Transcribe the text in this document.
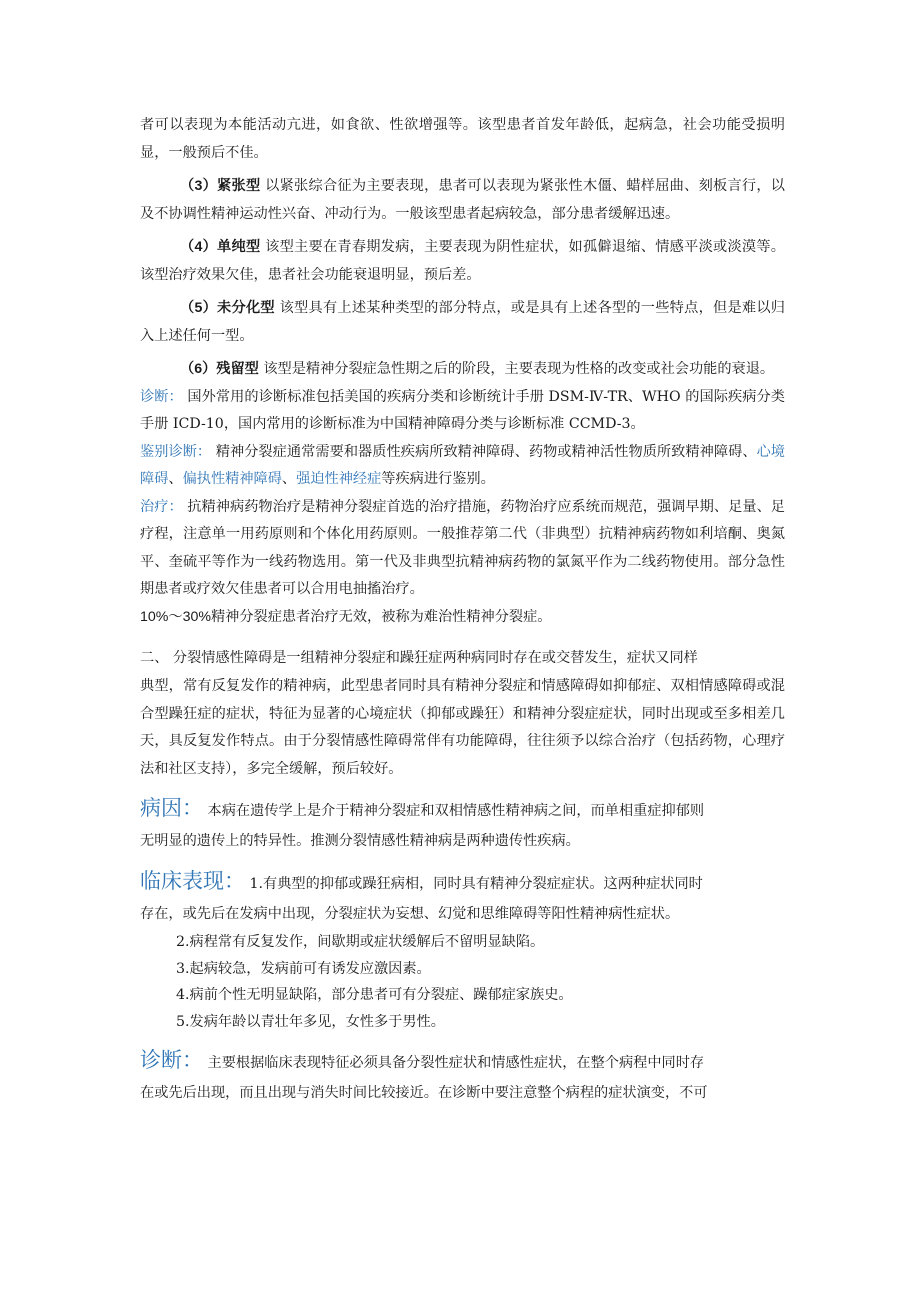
者可以表现为本能活动亢进，如食欲、性欲增强等。该型患者首发年龄低，起病急，社会功能受损明显，一般预后不佳。

（3）紧张型 以紧张综合征为主要表现，患者可以表现为紧张性木僵、蜡样屈曲、刻板言行，以及不协调性精神运动性兴奋、冲动行为。一般该型患者起病较急，部分患者缓解迅速。

（4）单纯型 该型主要在青春期发病，主要表现为阴性症状，如孤僻退缩、情感平淡或淡漠等。该型治疗效果欠佳，患者社会功能衰退明显，预后差。

（5）未分化型 该型具有上述某种类型的部分特点，或是具有上述各型的一些特点，但是难以归入上述任何一型。

（6）残留型 该型是精神分裂症急性期之后的阶段，主要表现为性格的改变或社会功能的衰退。

诊断： 国外常用的诊断标准包括美国的疾病分类和诊断统计手册 DSM-Ⅳ-TR、WHO 的国际疾病分类手册 ICD-10，国内常用的诊断标准为中国精神障碍分类与诊断标准 CCMD-3。

鉴别诊断： 精神分裂症通常需要和器质性疾病所致精神障碍、药物或精神活性物质所致精神障碍、心境障碍、偏执性精神障碍、强迫性神经症等疾病进行鉴别。

治疗： 抗精神病药物治疗是精神分裂症首选的治疗措施，药物治疗应系统而规范，强调早期、足量、足疗程，注意单一用药原则和个体化用药原则。一般推荐第二代（非典型）抗精神病药物如利培酮、奥氮平、奎硫平等作为一线药物选用。第一代及非典型抗精神病药物的氯氮平作为二线药物使用。部分急性期患者或疗效欠佳患者可以合用电抽搐治疗。

10%～30%精神分裂症患者治疗无效，被称为难治性精神分裂症。

二、 分裂情感性障碍是一组精神分裂症和躁狂症两种病同时存在或交替发生，症状又同样

典型，常有反复发作的精神病，此型患者同时具有精神分裂症和情感障碍如抑郁症、双相情感障碍或混合型躁狂症的症状，特征为显著的心境症状（抑郁或躁狂）和精神分裂症症状，同时出现或至多相差几天，具反复发作特点。由于分裂情感性障碍常伴有功能障碍，往往须予以综合治疗（包括药物，心理疗法和社区支持），多完全缓解，预后较好。

病因： 本病在遗传学上是介于精神分裂症和双相情感性精神病之间，而单相重症抑郁则

无明显的遗传上的特异性。推测分裂情感性精神病是两种遗传性疾病。

临床表现： 1.有典型的抑郁或躁狂病相，同时具有精神分裂症症状。这两种症状同时

存在，或先后在发病中出现，分裂症状为妄想、幻觉和思维障碍等阳性精神病性症状。

2.病程常有反复发作，间歇期或症状缓解后不留明显缺陷。

3.起病较急，发病前可有诱发应激因素。

4.病前个性无明显缺陷，部分患者可有分裂症、躁郁症家族史。

5.发病年龄以青壮年多见，女性多于男性。

诊断： 主要根据临床表现特征必须具备分裂性症状和情感性症状，在整个病程中同时存

在或先后出现，而且出现与消失时间比较接近。在诊断中要注意整个病程的症状演变，不可
